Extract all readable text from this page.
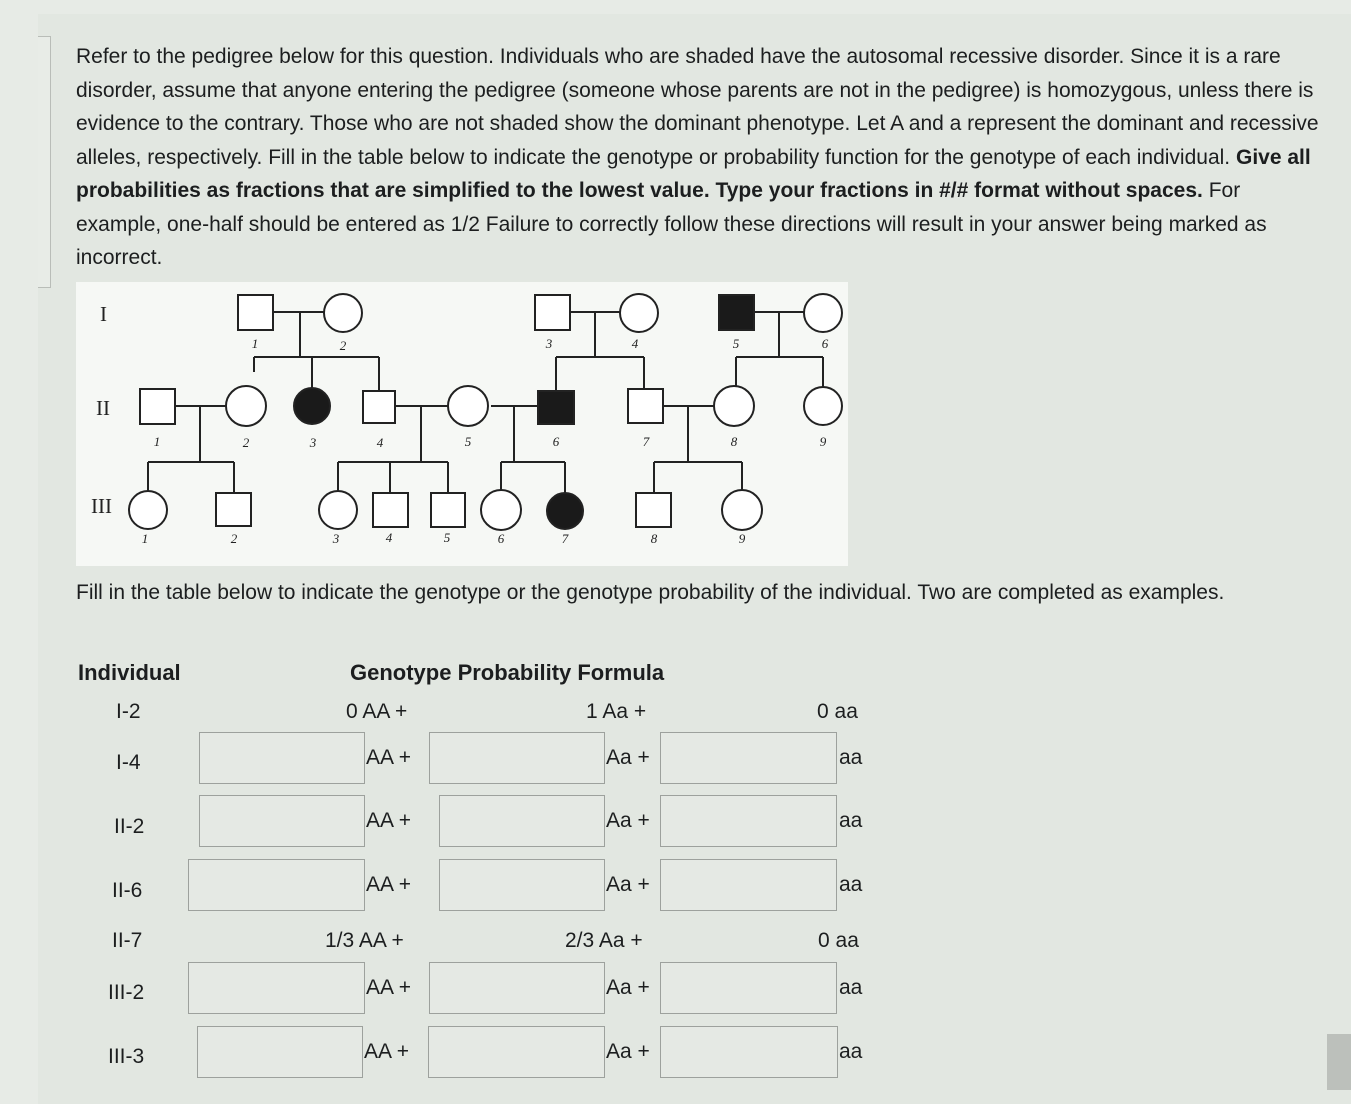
Refer to the pedigree below for this question. Individuals who are shaded have the autosomal recessive disorder. Since it is a rare disorder, assume that anyone entering the pedigree (someone whose parents are not in the pedigree) is homozygous, unless there is evidence to the contrary. Those who are not shaded show the dominant phenotype. Let A and a represent the dominant and recessive alleles, respectively. Fill in the table below to indicate the genotype or probability function for the genotype of each individual. Give all probabilities as fractions that are simplified to the lowest value. Type your fractions in #/# format without spaces. For example, one-half should be entered as 1/2 Failure to correctly follow these directions will result in your answer being marked as incorrect.
I
II
III
1	2	3	4	5	6
1	2	3	4	5	6	7	8	9
1	2	3	4	5	6	7	8	9
Fill in the table below to indicate the genotype or the genotype probability of the individual. Two are completed as examples.
Individual	Genotype Probability Formula
I-2	0 AA +	1 Aa +	0 aa
I-4	AA +	Aa +	aa
II-2	AA +	Aa +	aa
II-6	AA +	Aa +	aa
II-7	1/3 AA +	2/3 Aa +	0 aa
III-2	AA +	Aa +	aa
III-3	AA +	Aa +	aa
